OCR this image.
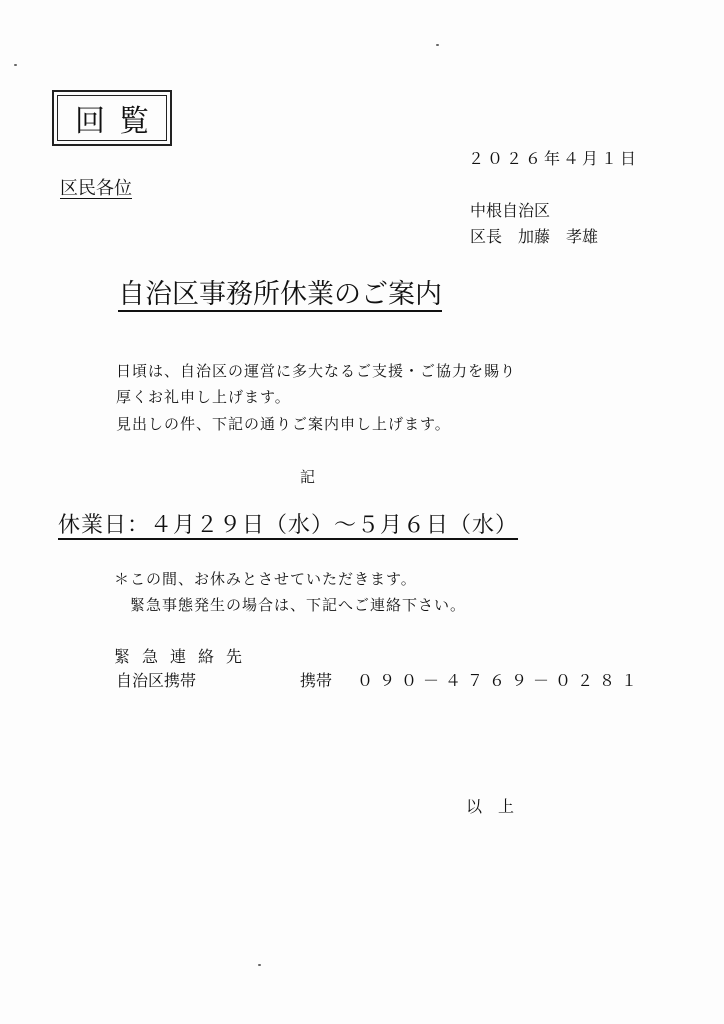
回覧
２０２６年４月１日
区民各位
中根自治区
区長　加藤　孝雄
自治区事務所休業のご案内
日頃は、自治区の運営に多大なるご支援・ご協力を賜り
厚くお礼申し上げます。
見出しの件、下記の通りご案内申し上げます。
記
休業日：４月２９日（水）～５月６日（水）
＊この間、お休みとさせていただきます。
緊急事態発生の場合は、下記へご連絡下さい。
緊急連絡先
自治区携帯	携帯 ０９０－４７６９－０２８１
以上
